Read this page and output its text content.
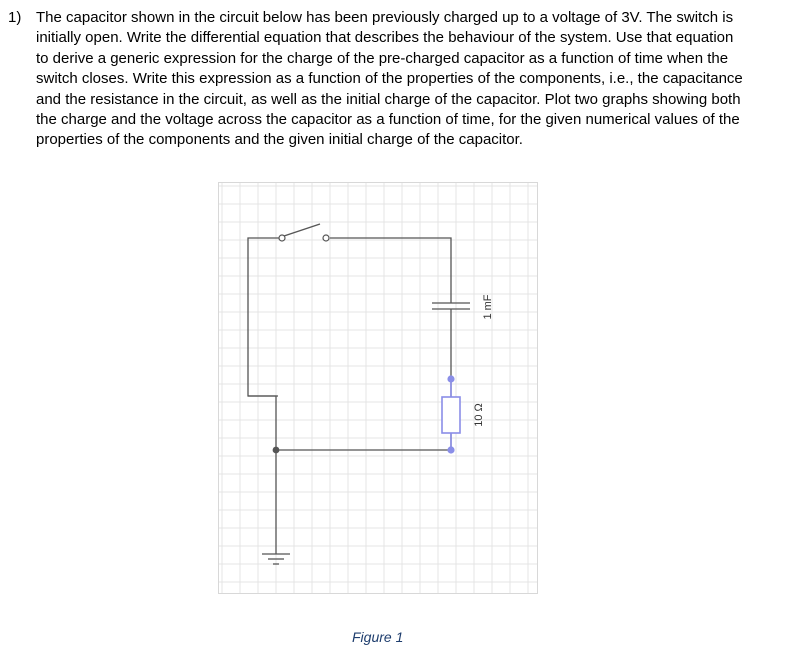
1) The capacitor shown in the circuit below has been previously charged up to a voltage of 3V. The switch is
initially open. Write the differential equation that describes the behaviour of the system. Use that equation
to derive a generic expression for the charge of the pre-charged capacitor as a function of time when the
switch closes. Write this expression as a function of the properties of the components, i.e., the capacitance
and the resistance in the circuit, as well as the initial charge of the capacitor. Plot two graphs showing both
the charge and the voltage across the capacitor as a function of time, for the given numerical values of the
properties of the components and the given initial charge of the capacitor.
1 mF
10 Ω
Figure 1
